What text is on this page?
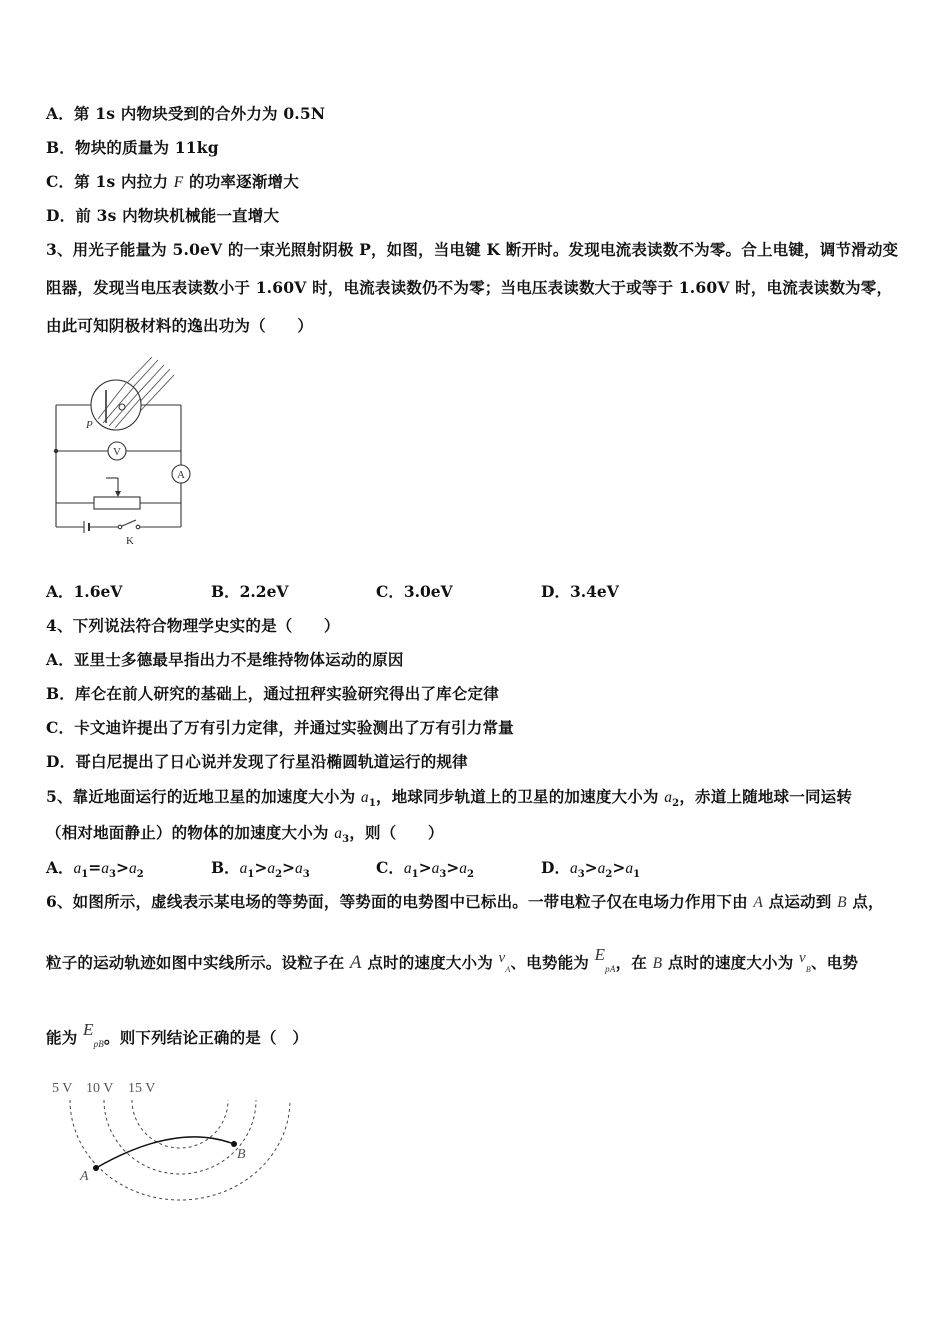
A．第 1s 内物块受到的合外力为 0.5N
B．物块的质量为 11kg
C．第 1s 内拉力 F 的功率逐渐增大
D．前 3s 内物块机械能一直增大
3、用光子能量为 5.0eV 的一束光照射阴极 P，如图，当电键 K 断开时。发现电流表读数不为零。合上电键，调节滑动变
阻器，发现当电压表读数小于 1.60V 时，电流表读数仍不为零；当电压表读数大于或等于 1.60V 时，电流表读数为零，
由此可知阴极材料的逸出功为（　　）
V
A
P
K
A．1.6eV	B．2.2eV	C．3.0eV	D．3.4eV
4、下列说法符合物理学史实的是（　　）
A．亚里士多德最早指出力不是维持物体运动的原因
B．库仑在前人研究的基础上，通过扭秤实验研究得出了库仑定律
C．卡文迪许提出了万有引力定律，并通过实验测出了万有引力常量
D．哥白尼提出了日心说并发现了行星沿椭圆轨道运行的规律
5、靠近地面运行的近地卫星的加速度大小为 $a_1$，地球同步轨道上的卫星的加速度大小为 $a_2$，赤道上随地球一同运转
（相对地面静止）的物体的加速度大小为 $a_3$，则（　　）
A．$a_1=a_3>a_2$	B．$a_1>a_2>a_3$	C．$a_1>a_3>a_2$	D．$a_3>a_2>a_1$
6、如图所示，虚线表示某电场的等势面，等势面的电势图中已标出。一带电粒子仅在电场力作用下由 A 点运动到 B 点，
粒子的运动轨迹如图中实线所示。设粒子在 A 点时的速度大小为 $v_A$、电势能为 $E_{pA}$，在 B 点时的速度大小为 $v_B$、电势
能为 $E_{pB}$。则下列结论正确的是（　）
A
B
5 V 10 V 15 V
